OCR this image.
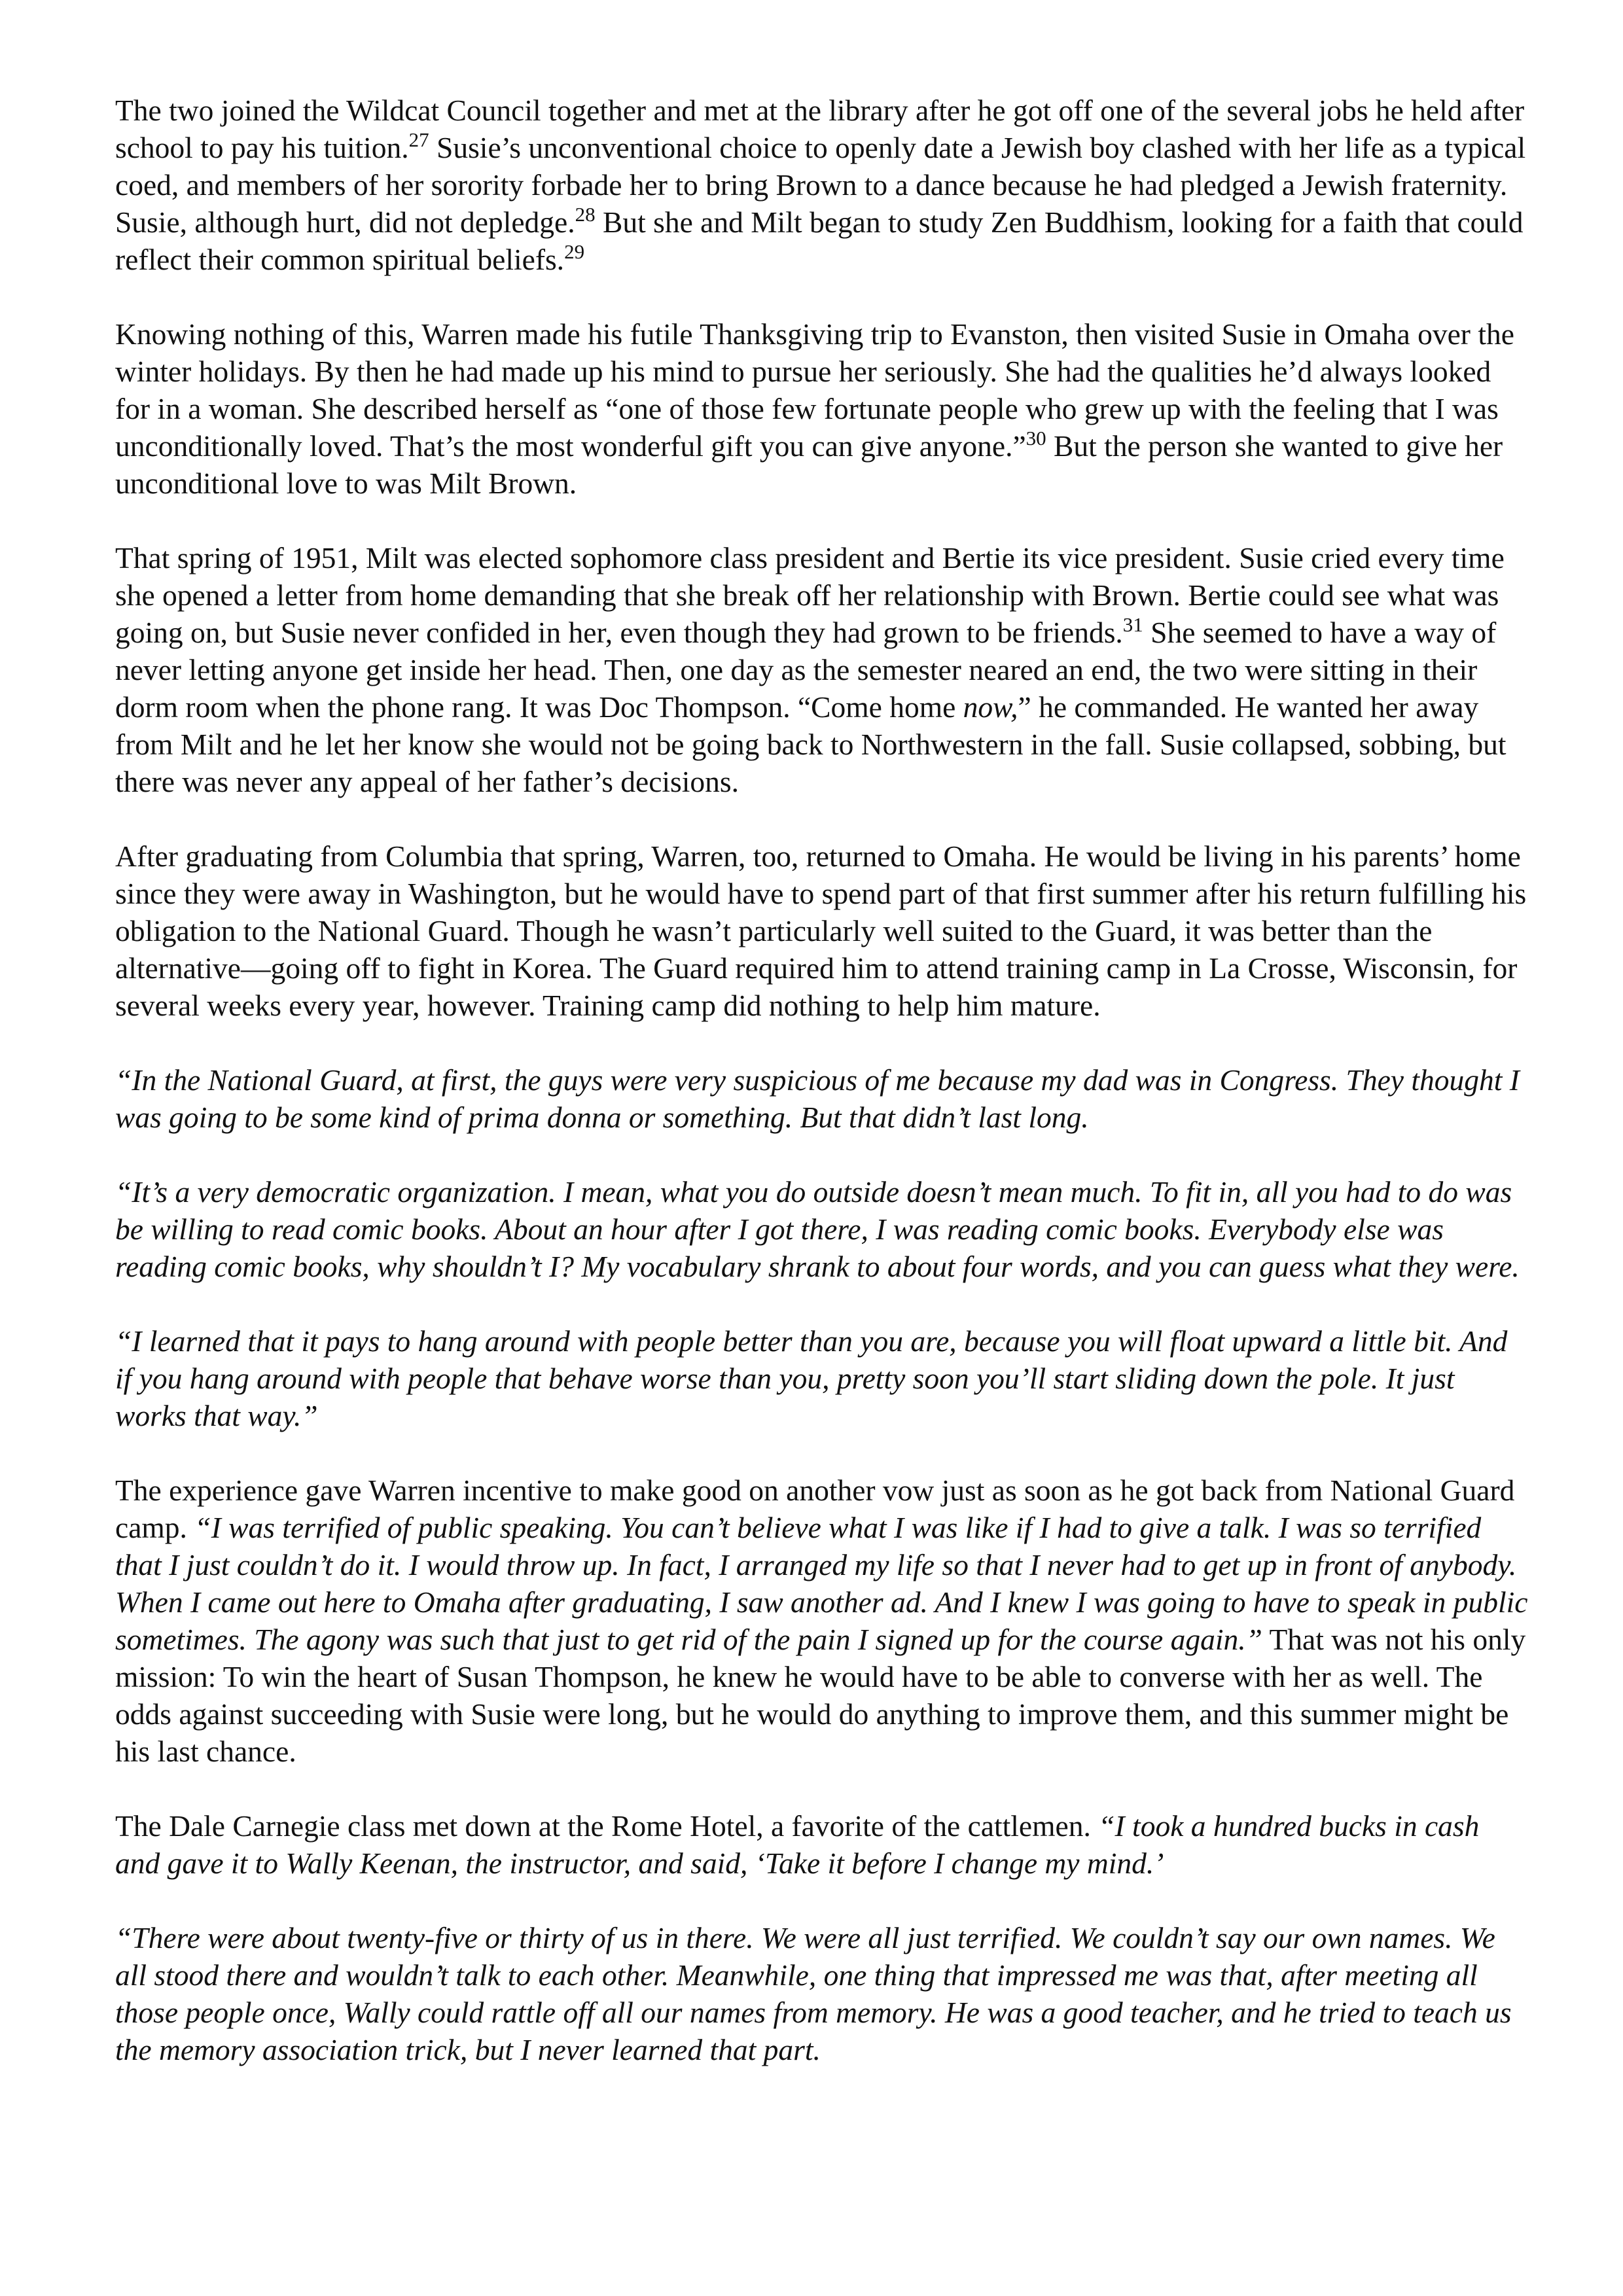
The two joined the Wildcat Council together and met at the library after he got off one of the several jobs he held after school to pay his tuition.$^{27}$ Susie’s unconventional choice to openly date a Jewish boy clashed with her life as a typical coed, and members of her sorority forbade her to bring Brown to a dance because he had pledged a Jewish fraternity. Susie, although hurt, did not depledge.$^{28}$ But she and Milt began to study Zen Buddhism, looking for a faith that could reflect their common spiritual beliefs.$^{29}$

Knowing nothing of this, Warren made his futile Thanksgiving trip to Evanston, then visited Susie in Omaha over the winter holidays. By then he had made up his mind to pursue her seriously. She had the qualities he’d always looked for in a woman. She described herself as “one of those few fortunate people who grew up with the feeling that I was unconditionally loved. That’s the most wonderful gift you can give anyone.”$^{30}$ But the person she wanted to give her unconditional love to was Milt Brown.

That spring of 1951, Milt was elected sophomore class president and Bertie its vice president. Susie cried every time she opened a letter from home demanding that she break off her relationship with Brown. Bertie could see what was going on, but Susie never confided in her, even though they had grown to be friends.$^{31}$ She seemed to have a way of never letting anyone get inside her head. Then, one day as the semester neared an end, the two were sitting in their dorm room when the phone rang. It was Doc Thompson. “Come home now,” he commanded. He wanted her away from Milt and he let her know she would not be going back to Northwestern in the fall. Susie collapsed, sobbing, but there was never any appeal of her father’s decisions.

After graduating from Columbia that spring, Warren, too, returned to Omaha. He would be living in his parents’ home since they were away in Washington, but he would have to spend part of that first summer after his return fulfilling his obligation to the National Guard. Though he wasn’t particularly well suited to the Guard, it was better than the alternative—going off to fight in Korea. The Guard required him to attend training camp in La Crosse, Wisconsin, for several weeks every year, however. Training camp did nothing to help him mature.

“In the National Guard, at first, the guys were very suspicious of me because my dad was in Congress. They thought I was going to be some kind of prima donna or something. But that didn’t last long.

“It’s a very democratic organization. I mean, what you do outside doesn’t mean much. To fit in, all you had to do was be willing to read comic books. About an hour after I got there, I was reading comic books. Everybody else was reading comic books, why shouldn’t I? My vocabulary shrank to about four words, and you can guess what they were.

“I learned that it pays to hang around with people better than you are, because you will float upward a little bit. And if you hang around with people that behave worse than you, pretty soon you’ll start sliding down the pole. It just works that way.”

The experience gave Warren incentive to make good on another vow just as soon as he got back from National Guard camp. “I was terrified of public speaking. You can’t believe what I was like if I had to give a talk. I was so terrified that I just couldn’t do it. I would throw up. In fact, I arranged my life so that I never had to get up in front of anybody. When I came out here to Omaha after graduating, I saw another ad. And I knew I was going to have to speak in public sometimes. The agony was such that just to get rid of the pain I signed up for the course again.” That was not his only mission: To win the heart of Susan Thompson, he knew he would have to be able to converse with her as well. The odds against succeeding with Susie were long, but he would do anything to improve them, and this summer might be his last chance.

The Dale Carnegie class met down at the Rome Hotel, a favorite of the cattlemen. “I took a hundred bucks in cash and gave it to Wally Keenan, the instructor, and said, ‘Take it before I change my mind.’

“There were about twenty-five or thirty of us in there. We were all just terrified. We couldn’t say our own names. We all stood there and wouldn’t talk to each other. Meanwhile, one thing that impressed me was that, after meeting all those people once, Wally could rattle off all our names from memory. He was a good teacher, and he tried to teach us the memory association trick, but I never learned that part.
